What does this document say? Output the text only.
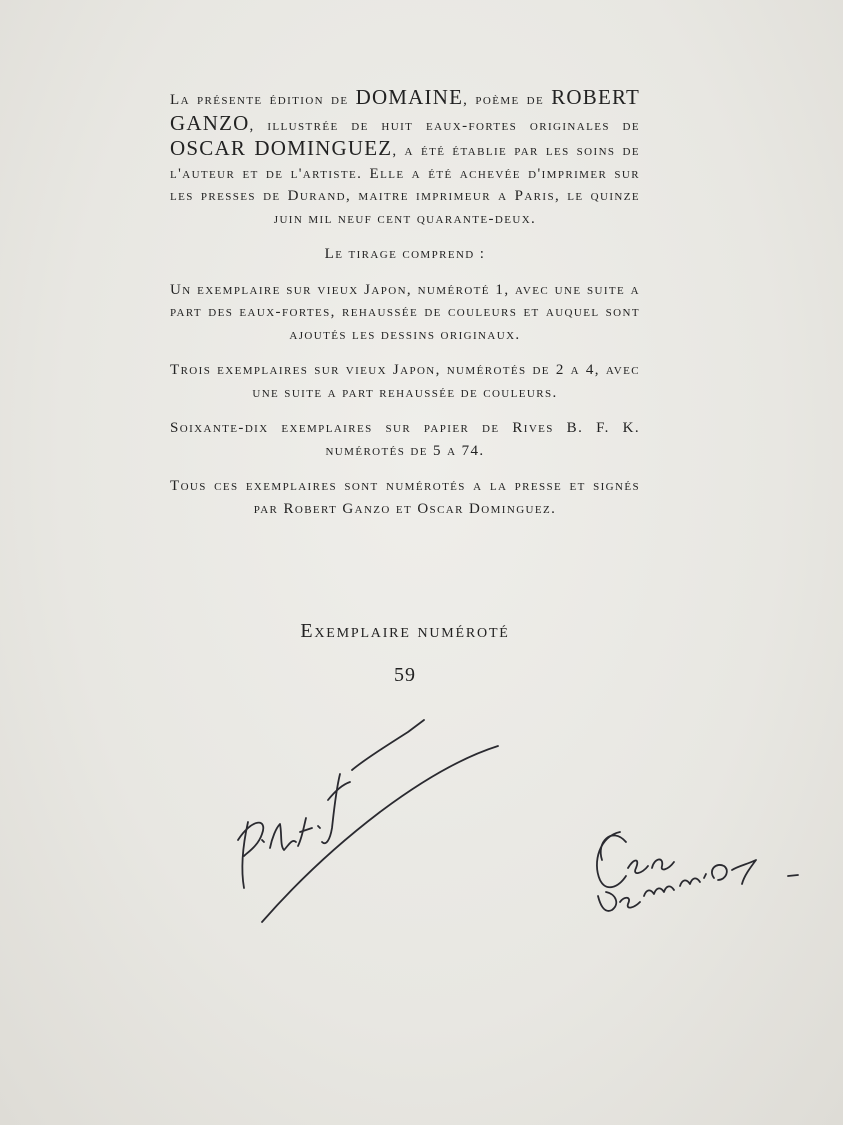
La présente édition de DOMAINE, poème de ROBERT GANZO, illustrée de huit eaux-fortes originales de OSCAR DOMINGUEZ, a été établie par les soins de l'auteur et de l'artiste. Elle a été achevée d'imprimer sur les presses de Durand, maitre imprimeur a Paris, le quinze juin mil neuf cent quarante-deux.

Le tirage comprend :

Un exemplaire sur vieux Japon, numéroté 1, avec une suite a part des eaux-fortes, rehaussée de couleurs et auquel sont ajoutés les dessins originaux.

Trois exemplaires sur vieux Japon, numérotés de 2 a 4, avec une suite a part rehaussée de couleurs.

Soixante-dix exemplaires sur papier de Rives B. F. K. numérotés de 5 a 74.

Tous ces exemplaires sont numérotés a la presse et signés par Robert Ganzo et Oscar Dominguez.

Exemplaire numéroté
59
